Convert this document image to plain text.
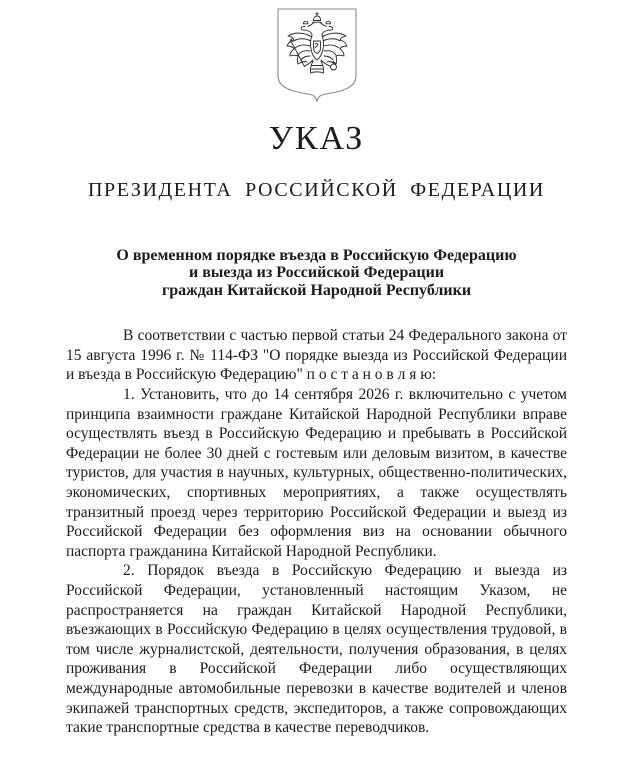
УКАЗ
ПРЕЗИДЕНТА РОССИЙСКОЙ ФЕДЕРАЦИИ
О временном порядке въезда в Российскую Федерацию
и выезда из Российской Федерации
граждан Китайской Народной Республики

В соответствии с частью первой статьи 24 Федерального закона от 15 августа 1996 г. № 114-ФЗ "О порядке выезда из Российской Федерации и въезда в Российскую Федерацию" п о с т а н о в л я ю:

1. Установить, что до 14 сентября 2026 г. включительно с учетом принципа взаимности граждане Китайской Народной Республики вправе осуществлять въезд в Российскую Федерацию и пребывать в Российской Федерации не более 30 дней с гостевым или деловым визитом, в качестве туристов, для участия в научных, культурных, общественно-политических, экономических, спортивных мероприятиях, а также осуществлять транзитный проезд через территорию Российской Федерации и выезд из Российской Федерации без оформления виз на основании обычного паспорта гражданина Китайской Народной Республики.

2. Порядок въезда в Российскую Федерацию и выезда из Российской Федерации, установленный настоящим Указом, не распространяется на граждан Китайской Народной Республики, въезжающих в Российскую Федерацию в целях осуществления трудовой, в том числе журналистской, деятельности, получения образования, в целях проживания в Российской Федерации либо осуществляющих международные автомобильные перевозки в качестве водителей и членов экипажей транспортных средств, экспедиторов, а также сопровождающих такие транспортные средства в качестве переводчиков.
